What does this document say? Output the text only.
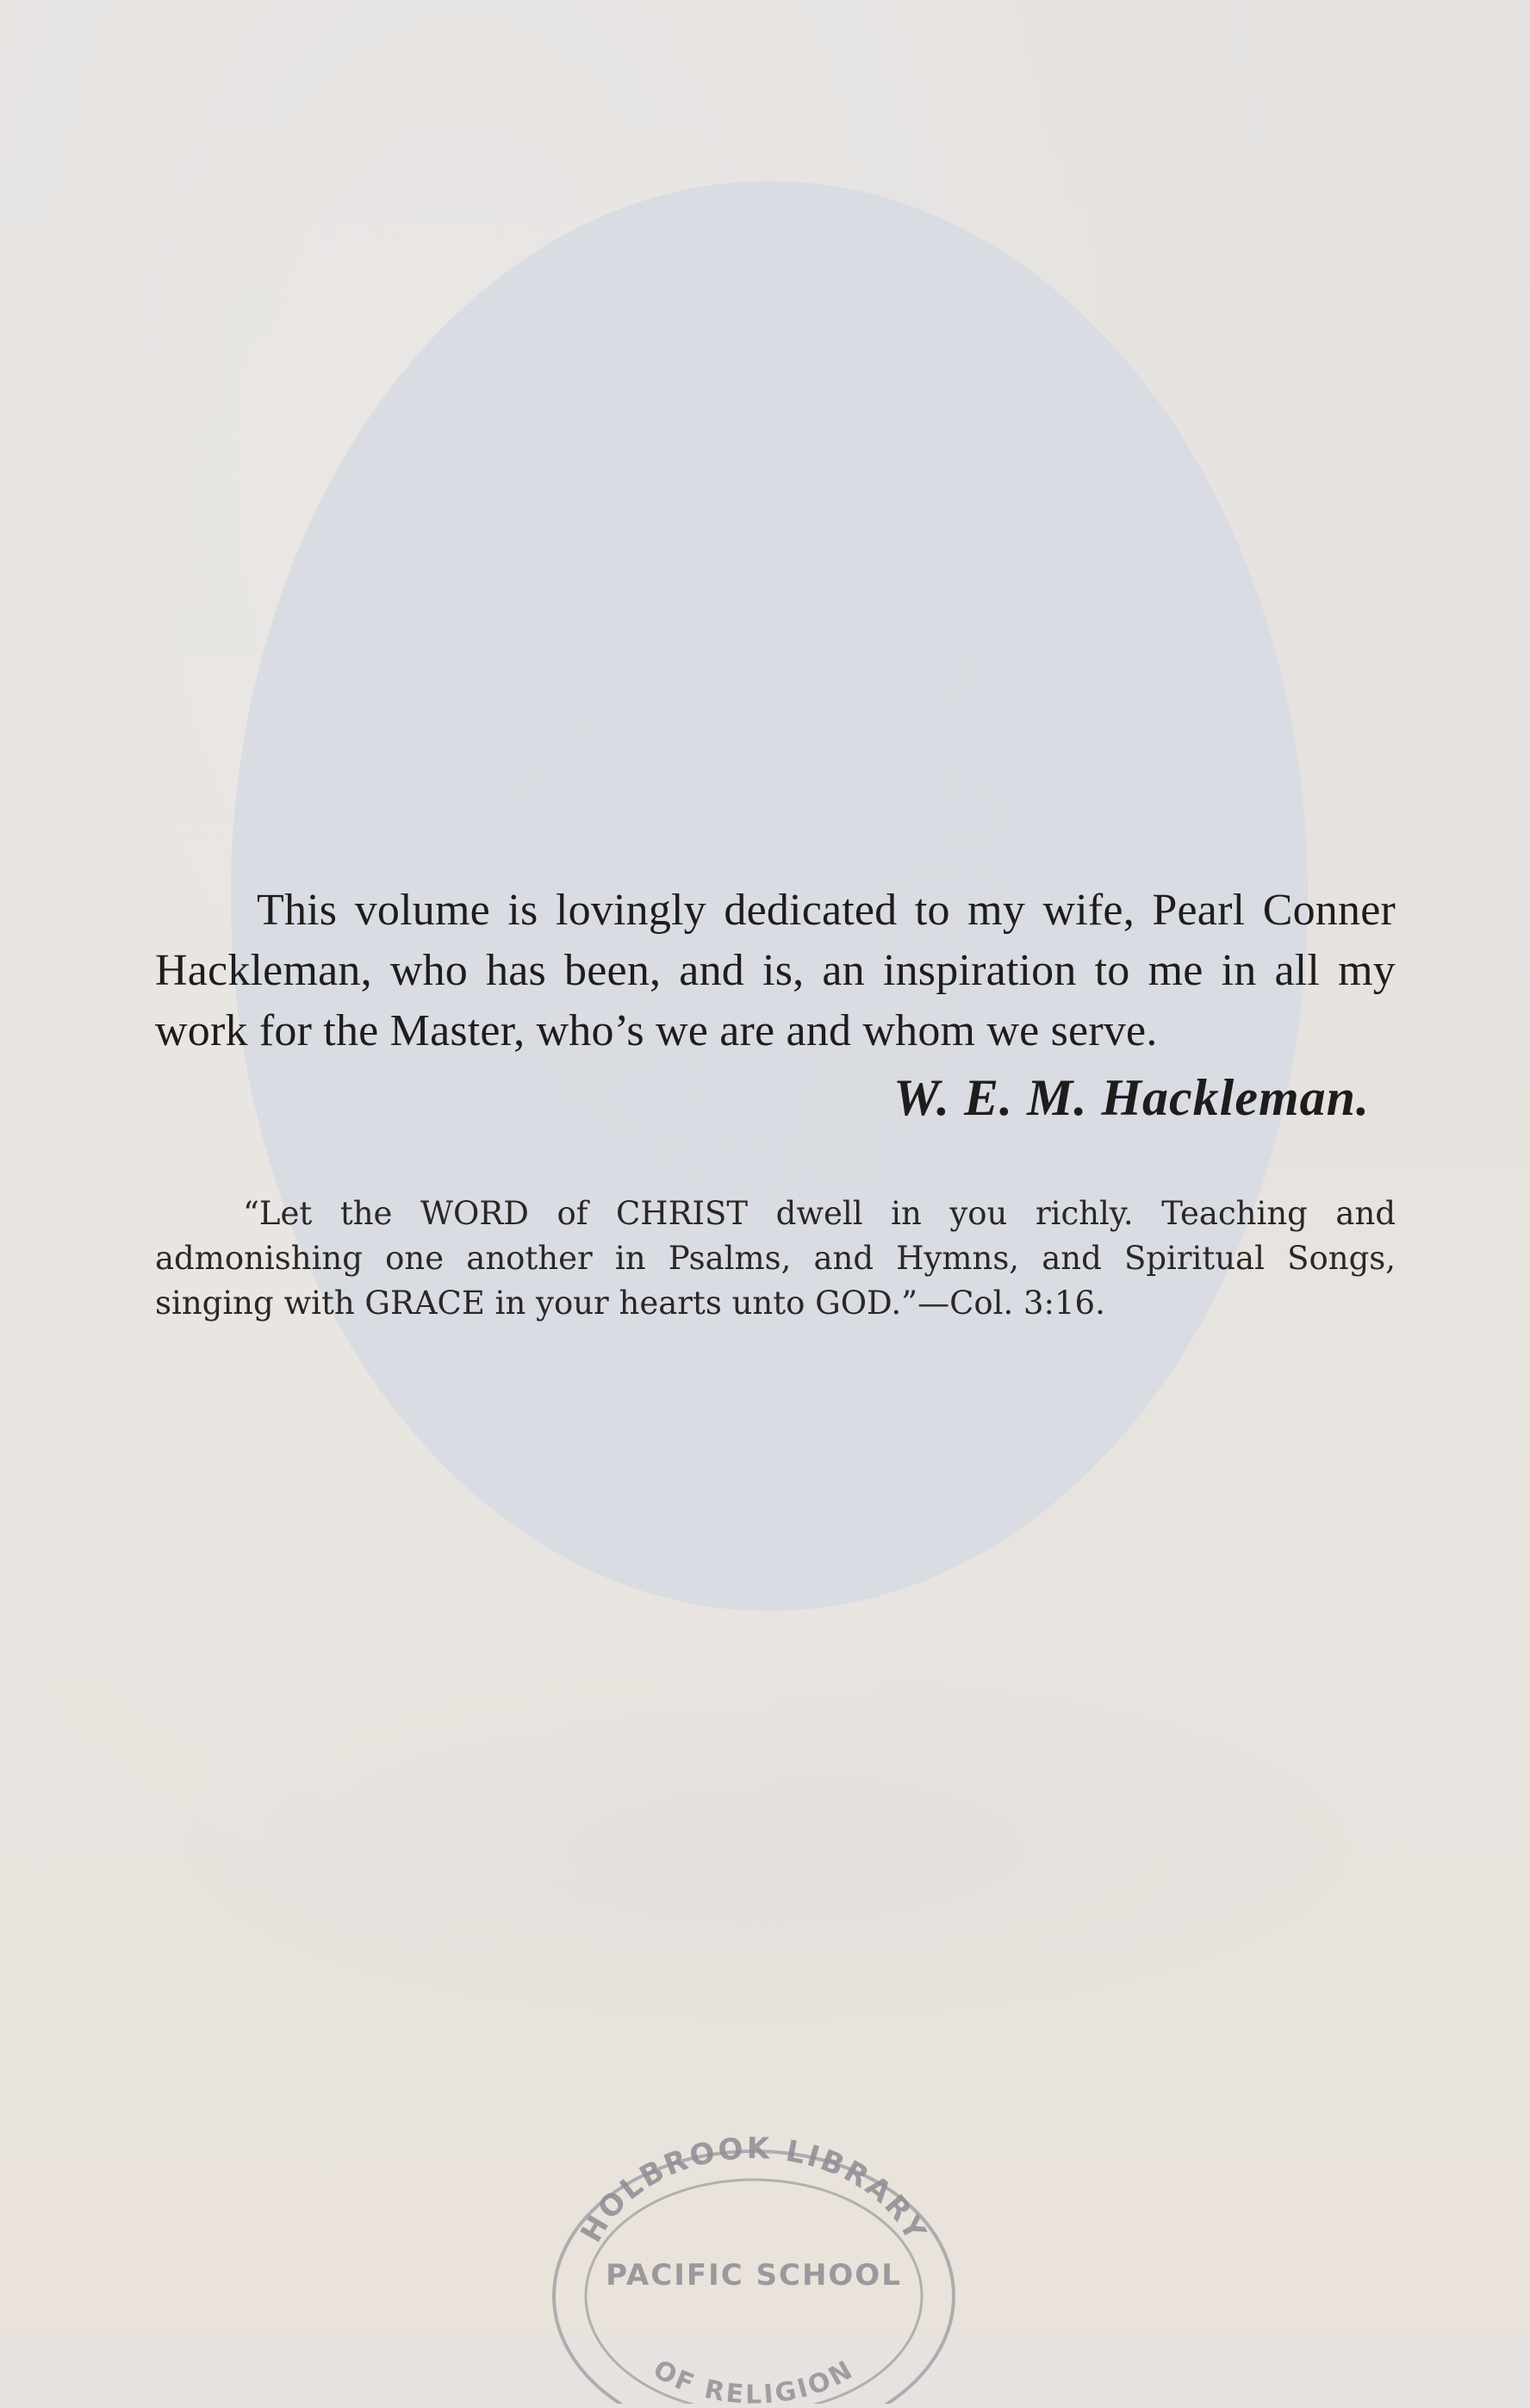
This volume is lovingly dedicated to my wife, Pearl Conner Hackleman, who has been, and is, an inspiration to me in all my work for the Master, who’s we are and whom we serve.

W. E. M. Hackleman.

“Let the WORD of CHRIST dwell in you richly. Teaching and admonishing one another in Psalms, and Hymns, and Spiritual Songs, singing with GRACE in your hearts unto GOD.”—Col. 3:16.

HOLBROOK LIBRARY
PACIFIC SCHOOL
OF RELIGION
